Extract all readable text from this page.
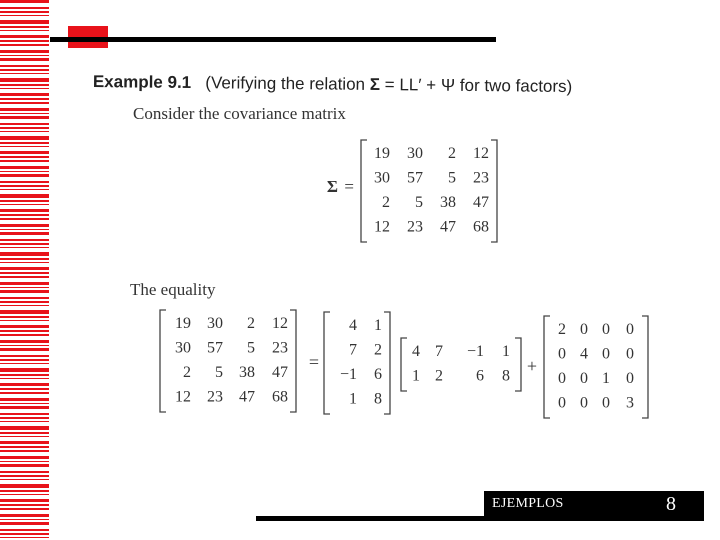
Example 9.1 (Verifying the relation Σ = LL′ + Ψ for two factors)
Consider the covariance matrix
The equality
Σ =
19 30 2 12
30 57 5 23
2 5 38 47
12 23 47 68
19 30 2 12
30 57 5 23
2 5 38 47
12 23 47 68
=
4 1
7 2
−1 6
1 8
4 7 −1 1
1 2 6 8 +
2 0 0 0
0 4 0 0
0 0 1 0
0 0 0 3
EJEMPLOS	8
